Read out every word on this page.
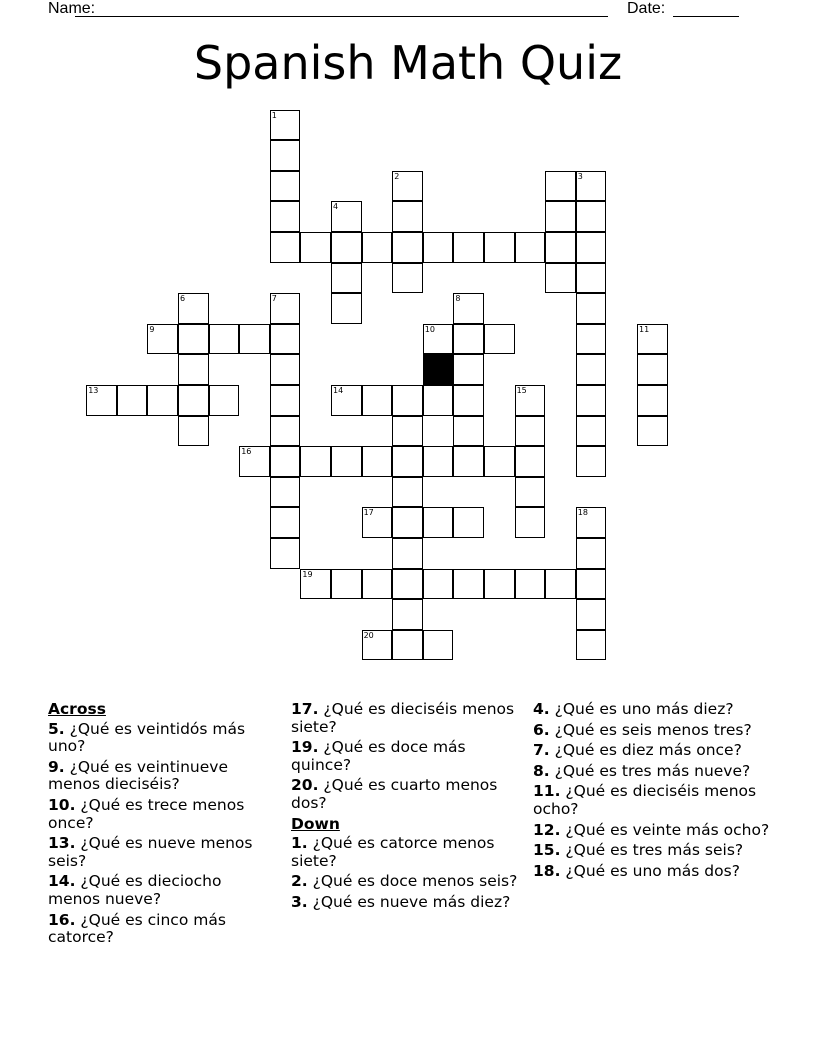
Name:	Date:
Spanish Math Quiz
1
2
4
3
6
9
7	8
10	11
13	14	15
16
17	18
19
20
Across
5. ¿Qué es veintidós más uno?
9. ¿Qué es veintinueve menos dieciséis?
10. ¿Qué es trece menos once?
13. ¿Qué es nueve menos seis?
14. ¿Qué es dieciocho menos nueve?
16. ¿Qué es cinco más catorce?
17. ¿Qué es dieciséis menos siete?
19. ¿Qué es doce más quince?
20. ¿Qué es cuarto menos dos?
Down
1. ¿Qué es catorce menos siete?
2. ¿Qué es doce menos seis?
3. ¿Qué es nueve más diez?
4. ¿Qué es uno más diez?
6. ¿Qué es seis menos tres?
7. ¿Qué es diez más once?
8. ¿Qué es tres más nueve?
11. ¿Qué es dieciséis menos ocho?
12. ¿Qué es veinte más ocho?
15. ¿Qué es tres más seis?
18. ¿Qué es uno más dos?
